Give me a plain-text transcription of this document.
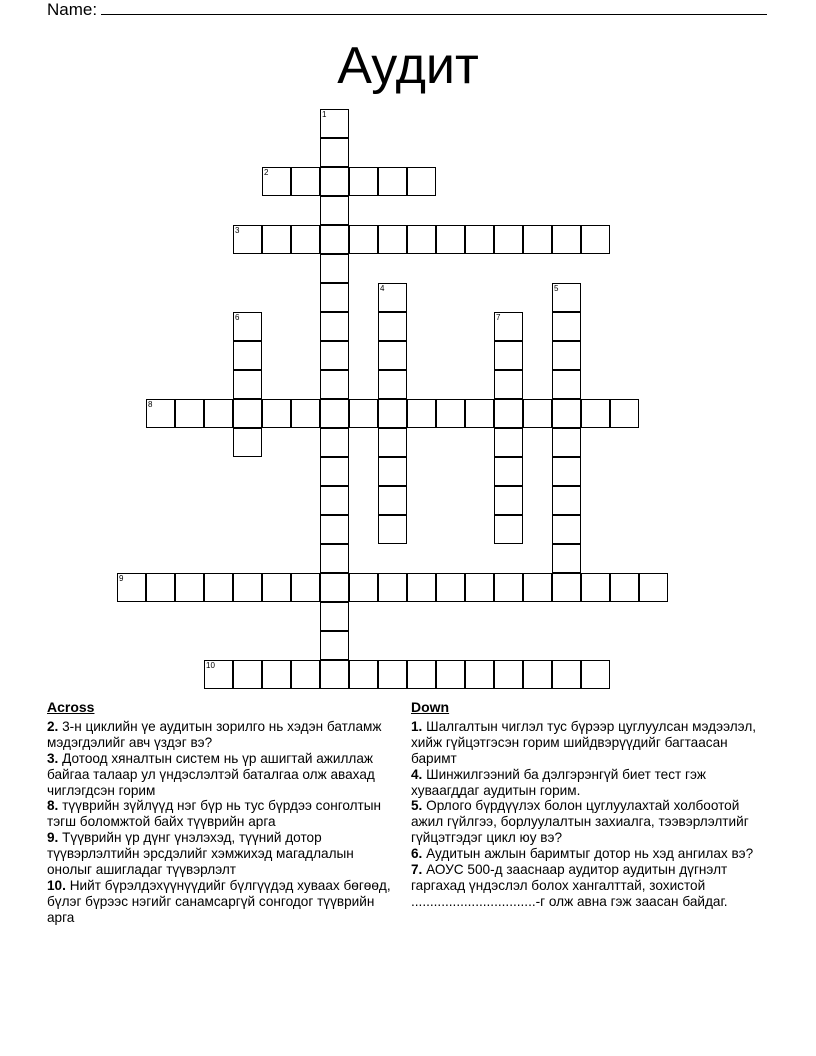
Name:
Аудит
1
2
3
4	5
6	7
8
9
10
Across

2. 3-н циклийн үе аудитын зорилго нь хэдэн батламж мэдэгдэлийг авч үздэг вэ?

3. Дотоод хяналтын систем нь үр ашигтай ажиллаж байгаа талаар ул үндэслэлтэй баталгаа олж авахад чиглэгдсэн горим

8. түүврийн зүйлүүд нэг бүр нь тус бүрдээ сонголтын тэгш боломжтой байх түүврийн арга

9. Түүврийн үр дүнг үнэлэхэд, түүний дотор түүвэрлэлтийн эрсдэлийг хэмжихэд магадлалын онолыг ашигладаг түүвэрлэлт

10. Нийт бүрэлдэхүүнүүдийг бүлгүүдэд хуваах бөгөөд, бүлэг бүрээс нэгийг санамсаргүй сонгодог түүврийн арга

Down

1. Шалгалтын чиглэл тус бүрээр цуглуулсан мэдээлэл, хийж гүйцэтгэсэн горим шийдвэрүүдийг багтаасан баримт

4. Шинжилгээний ба дэлгэрэнгүй биет тест гэж хуваагддаг аудитын горим.

5. Орлого бүрдүүлэх болон цуглуулахтай холбоотой ажил гүйлгээ, борлуулалтын захиалга, тээвэрлэлтийг гүйцэтгэдэг цикл юу вэ?

6. Аудитын ажлын баримтыг дотор нь хэд ангилах вэ?

7. АОУС 500-д зааснаар аудитор аудитын дүгнэлт гаргахад үндэслэл болох хангалттай, зохистой .................................-г олж авна гэж заасан байдаг.
